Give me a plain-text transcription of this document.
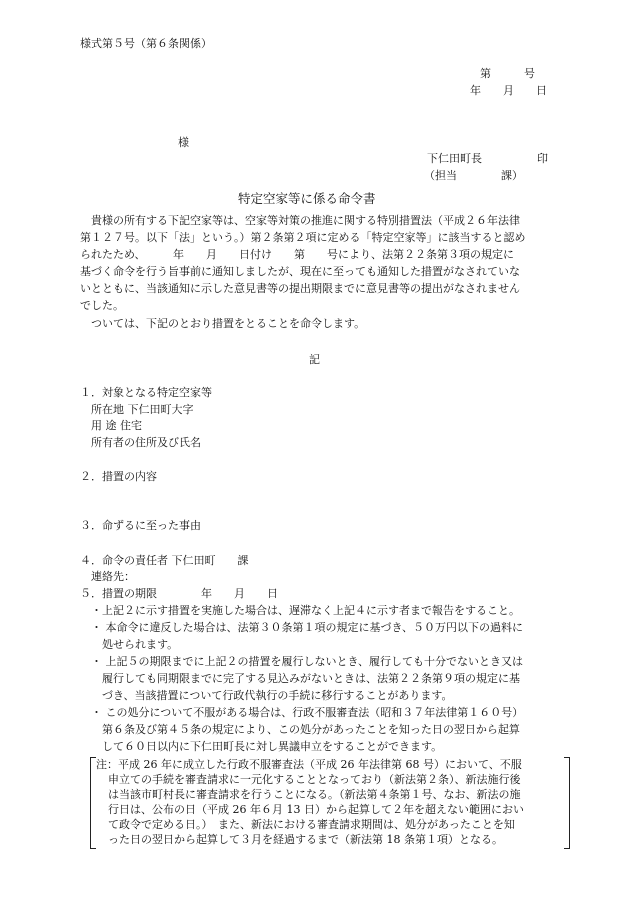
様式第５号（第６条関係）
第　　　号
年　　月　　日
様
下仁田町長　　　　　印
（担当　　　　課）
特定空家等に係る命令書
貴様の所有する下記空家等は、空家等対策の推進に関する特別措置法（平成２６年法律
第１２７号。以下「法」という。）第２条第２項に定める「特定空家等」に該当すると認め
られたため、　　　年　　月　　日付け　　第　　号により、法第２２条第３項の規定に
基づく命令を行う旨事前に通知しましたが、現在に至っても通知した措置がなされていな
いとともに、当該通知に示した意見書等の提出期限までに意見書等の提出がなされません
でした。
ついては、下記のとおり措置をとることを命令します。
記
１．対象となる特定空家等
所在地 下仁田町大字
用 途 住宅
所有者の住所及び氏名
２．措置の内容
３．命ずるに至った事由
４．命令の責任者 下仁田町　　課
連絡先：
５．措置の期限　　　　年　　月　　日
・上記２に示す措置を実施した場合は、遅滞なく上記４に示す者まで報告をすること。
・ 本命令に違反した場合は、法第３０条第１項の規定に基づき、５０万円以下の過料に
処せられます。
・ 上記５の期限までに上記２の措置を履行しないとき、履行しても十分でないとき又は
履行しても同期限までに完了する見込みがないときは、法第２２条第９項の規定に基
づき、当該措置について行政代執行の手続に移行することがあります。
・ この処分について不服がある場合は、行政不服審査法（昭和３７年法律第１６０号）
第６条及び第４５条の規定により、この処分があったことを知った日の翌日から起算
して６０日以内に下仁田町長に対し異議申立をすることができます。
注：平成 26 年に成立した行政不服審査法（平成 26 年法律第 68 号）において、不服
申立ての手続を審査請求に一元化することとなっており（新法第２条）、新法施行後
は当該市町村長に審査請求を行うことになる。（新法第４条第１号、なお、新法の施
行日は、公布の日（平成 26 年６月 13 日）から起算して２年を超えない範囲におい
て政令で定める日。）　また、新法における審査請求期間は、処分があったことを知
った日の翌日から起算して３月を経過するまで（新法第 18 条第１項）となる。
